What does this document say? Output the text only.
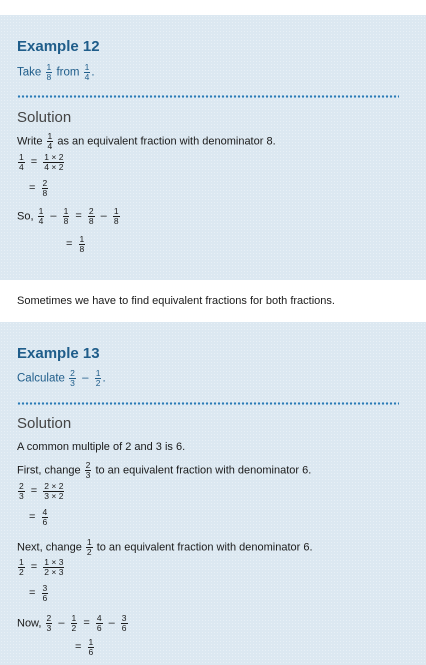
Example 12
Take $\frac{1}{8}$ from $\frac{1}{4}$ .
Solution
Write $\frac{1}{4}$ as an equivalent fraction with denominator 8.
$\frac{1}{4} = \frac{1 \times 2}{4 \times 2}$
= $\frac{2}{8}$
So, $\frac{1}{4} - \frac{1}{8} = \frac{2}{8} - \frac{1}{8}$
= $\frac{1}{8}$
Sometimes we have to find equivalent fractions for both fractions.
Example 13
Calculate $\frac{2}{3} - \frac{1}{2}$ .
Solution
A common multiple of 2 and 3 is 6.
First, change $\frac{2}{3}$ to an equivalent fraction with denominator 6.
$\frac{2}{3} = \frac{2 \times 2}{3 \times 2}$
= $\frac{4}{6}$
Next, change $\frac{1}{2}$ to an equivalent fraction with denominator 6.
$\frac{1}{2} = \frac{1 \times 3}{2 \times 3}$
= $\frac{3}{6}$
Now, $\frac{2}{3} - \frac{1}{2} = \frac{4}{6} - \frac{3}{6}$
= $\frac{1}{6}$
